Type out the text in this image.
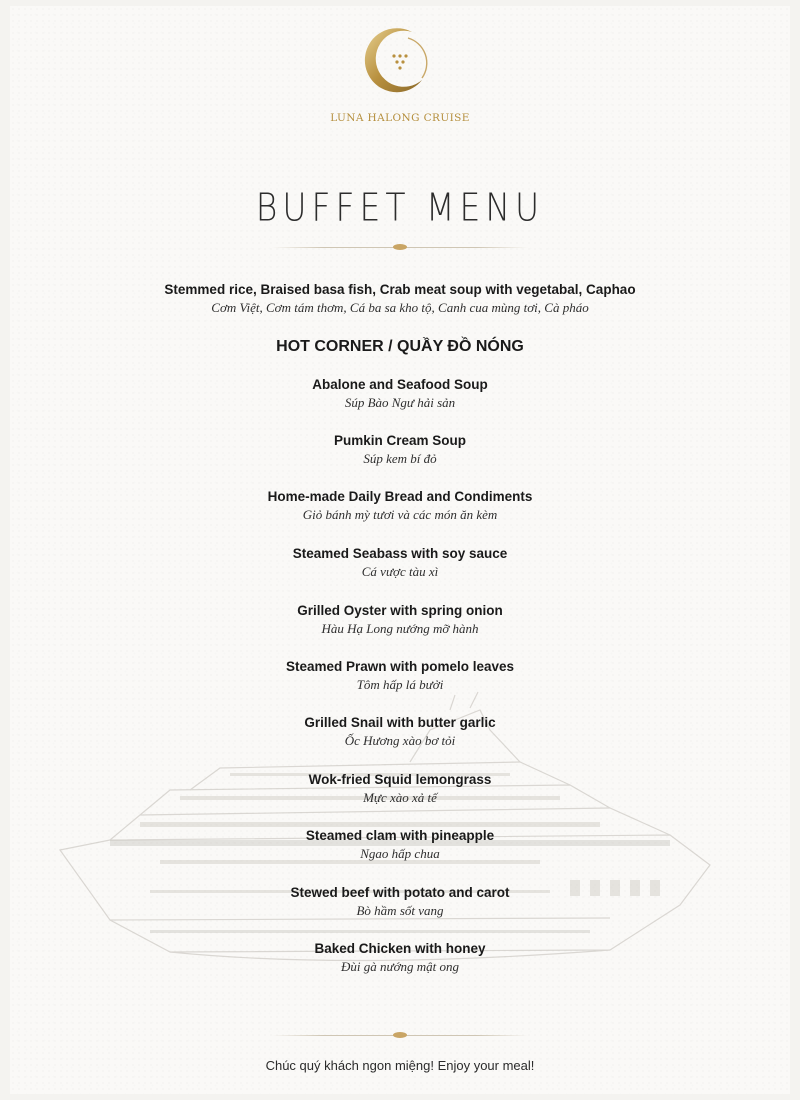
LUNA HALONG CRUISE
BUFFET MENU
Stemmed rice, Braised basa fish, Crab meat soup with vegetabal, Caphao
Cơm Việt, Cơm tám thơm, Cá ba sa kho tộ, Canh cua mùng tơi, Cà pháo
HOT CORNER / QUẦY ĐỒ NÓNG
Abalone and Seafood Soup
Súp Bào Ngư hải sản
Pumkin Cream Soup
Súp kem bí đỏ
Home-made Daily Bread and Condiments
Giỏ bánh mỳ tươi và các món ăn kèm
Steamed Seabass with soy sauce
Cá vược tàu xì
Grilled Oyster with spring onion
Hàu Hạ Long nướng mỡ hành
Steamed Prawn with pomelo leaves
Tôm hấp lá bưởi
Grilled Snail with butter garlic
Ốc Hương xào bơ tỏi
Wok-fried Squid lemongrass
Mực xào xả tế
Steamed clam with pineapple
Ngao hấp chua
Stewed beef with potato and carot
Bò hầm sốt vang
Baked Chicken with honey
Đùi gà nướng mật ong
Chúc quý khách ngon miệng! Enjoy your meal!
